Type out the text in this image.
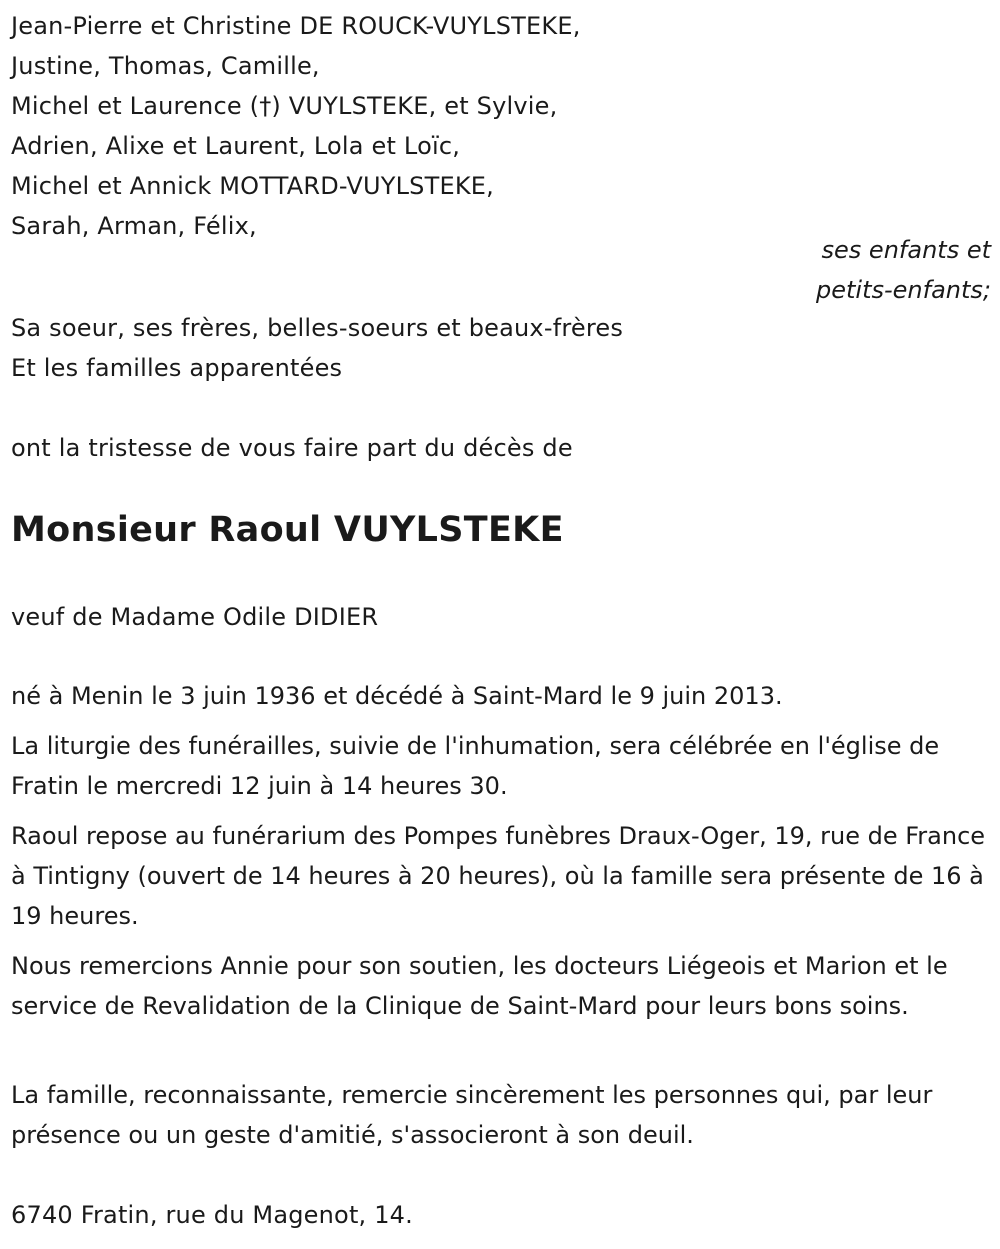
Jean-Pierre et Christine DE ROUCK-VUYLSTEKE,
Justine, Thomas, Camille,
Michel et Laurence (†) VUYLSTEKE, et Sylvie,
Adrien, Alixe et Laurent, Lola et Loïc,
Michel et Annick MOTTARD-VUYLSTEKE,
Sarah, Arman, Félix,
ses enfants et
petits-enfants;
Sa soeur, ses frères, belles-soeurs et beaux-frères
Et les familles apparentées
ont la tristesse de vous faire part du décès de
Monsieur Raoul VUYLSTEKE
veuf de Madame Odile DIDIER
né à Menin le 3 juin 1936 et décédé à Saint-Mard le 9 juin 2013.
La liturgie des funérailles, suivie de l'inhumation, sera célébrée en l'église de Fratin le mercredi 12 juin à 14 heures 30.
Raoul repose au funérarium des Pompes funèbres Draux-Oger, 19, rue de France à Tintigny (ouvert de 14 heures à 20 heures), où la famille sera présente de 16 à 19 heures.
Nous remercions Annie pour son soutien, les docteurs Liégeois et Marion et le service de Revalidation de la Clinique de Saint-Mard pour leurs bons soins.
La famille, reconnaissante, remercie sincèrement les personnes qui, par leur présence ou un geste d'amitié, s'associeront à son deuil.
6740 Fratin, rue du Magenot, 14.
